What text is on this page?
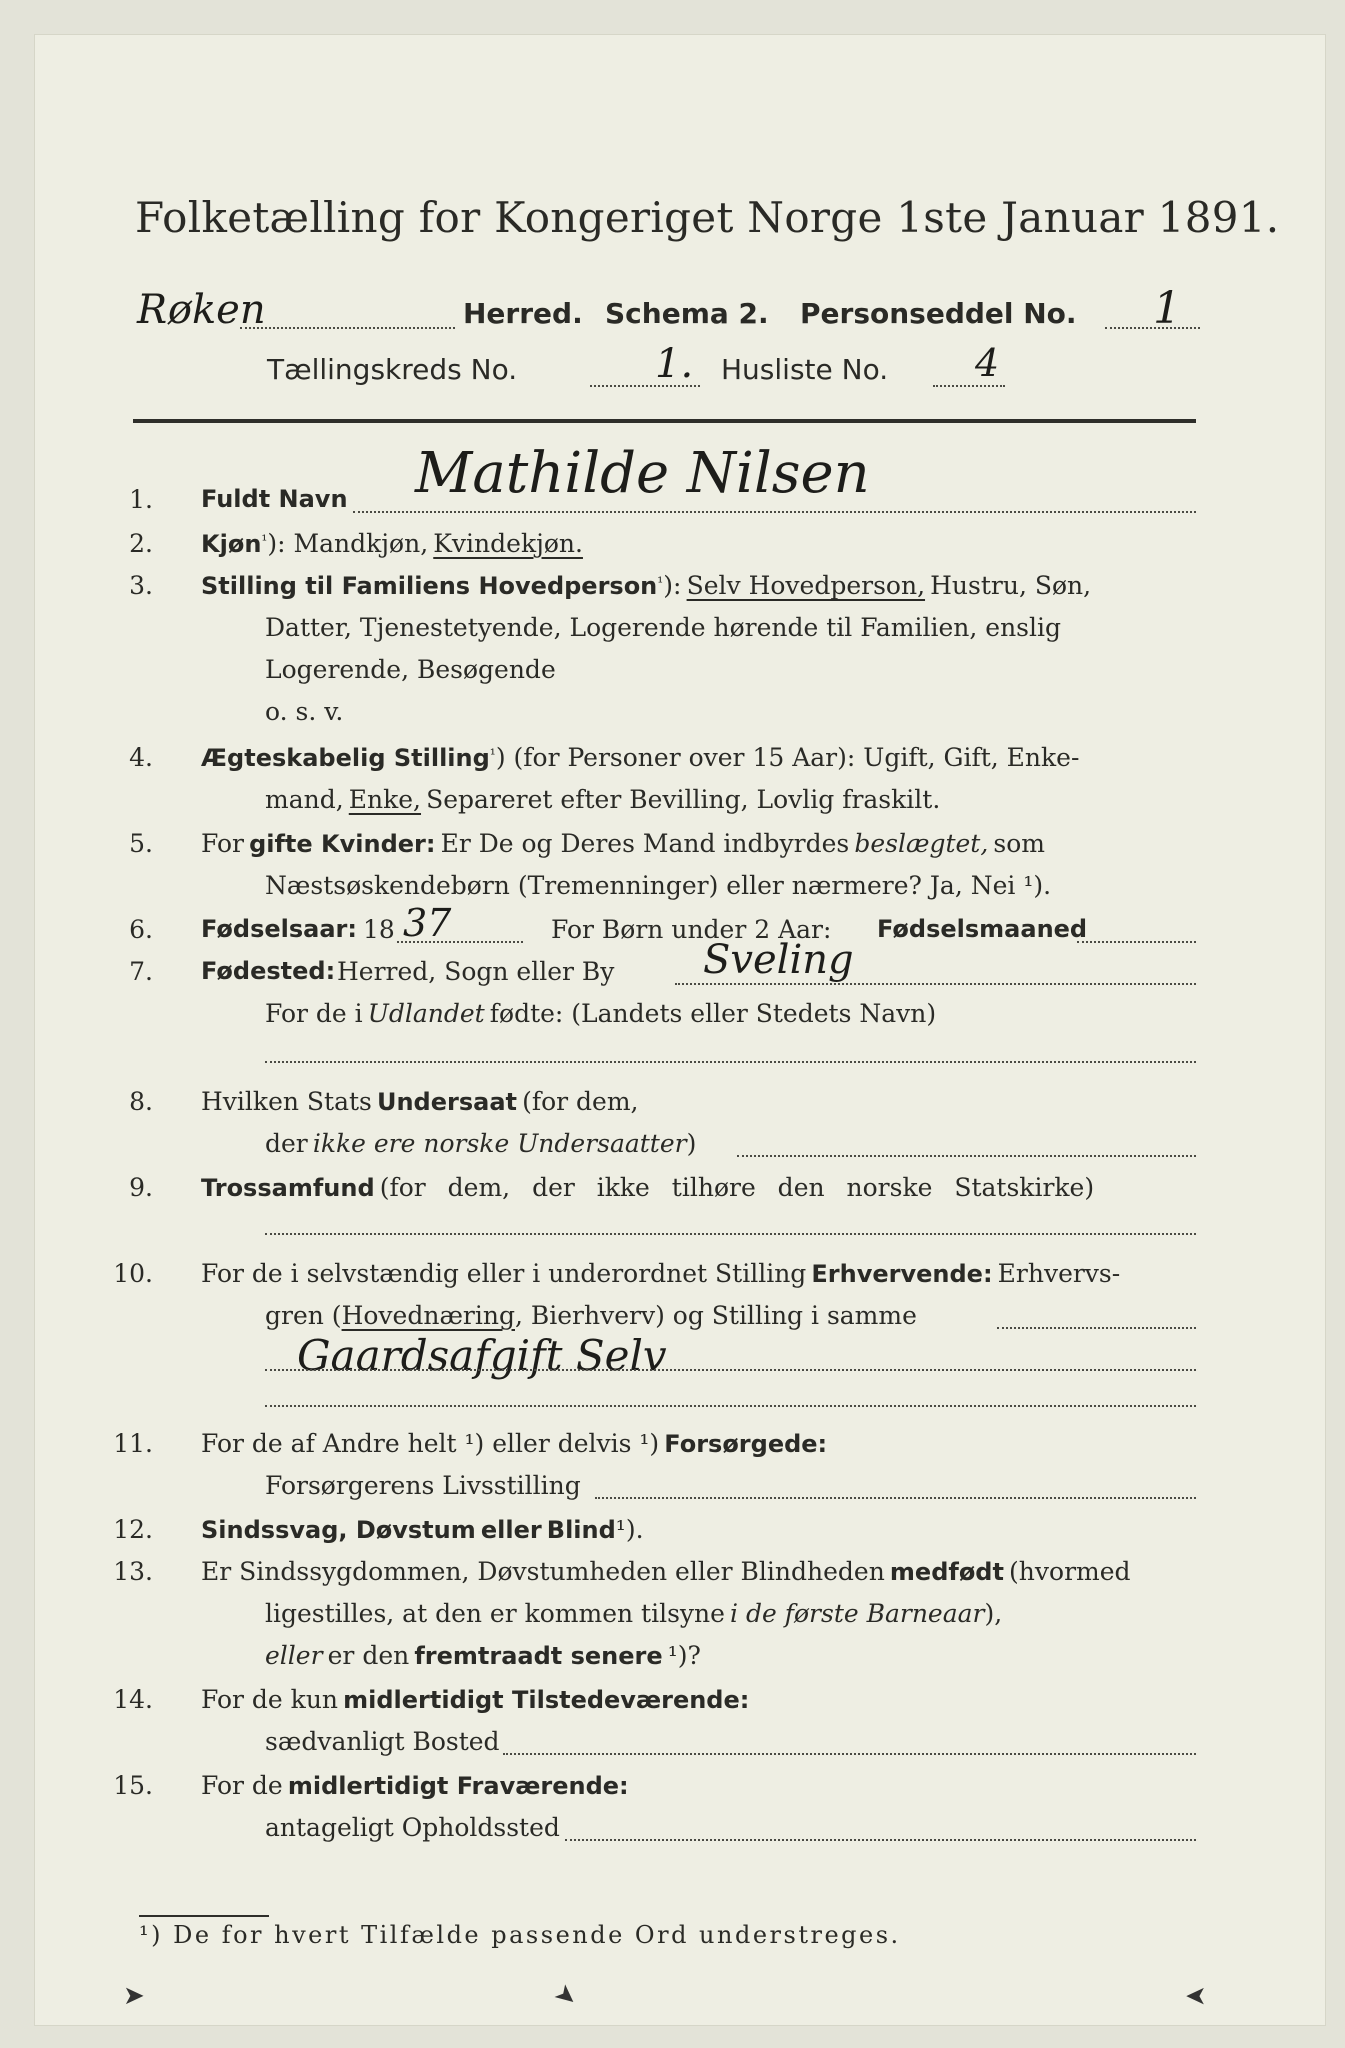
Folketælling for Kongeriget Norge 1ste Januar 1891.
Røken	Herred. Schema 2. Personseddel No. 1
Tællingskreds No.	1. Husliste No. 4
1. Fuldt Navn Mathilde Nilsen
2. Kjøn$^{^1}$): Mandkjøn, Kvindekjøn.
3. Stilling til Familiens Hovedperson$^{^1}$): Selv Hovedperson, Hustru, Søn,
Datter, Tjenestetyende, Logerende hørende til Familien, enslig
Logerende, Besøgende
o. s. v.
4. Ægteskabelig Stilling$^{^1}$) (for Personer over 15 Aar): Ugift, Gift, Enke-
mand, Enke, Separeret efter Bevilling, Lovlig fraskilt.
5. For gifte Kvinder: Er De og Deres Mand indbyrdes beslægtet, som
Næstsøskendebørn (Tremenninger) eller nærmere? Ja, Nei ¹).
6. Fødselsaar: 18 37	For Børn under 2 Aar: Fødselsmaaned
7. Fødested: Herred, Sogn eller By Sveling
For de i Udlandet fødte: (Landets eller Stedets Navn)
8. Hvilken Stats Undersaat (for dem,
der ikke ere norske Undersaatter)
9. Trossamfund (for dem, der ikke tilhøre den norske Statskirke)
10. For de i selvstændig eller i underordnet Stilling Erhvervende: Erhvervs-
gren (Hovednæring, Bierhverv) og Stilling i samme
Gaardsafgift Selv
11. For de af Andre helt ¹) eller delvis ¹) Forsørgede:
Forsørgerens Livsstilling
12. Sindssvag, Døvstum eller Blind¹).
13. Er Sindssygdommen, Døvstumheden eller Blindheden medfødt (hvormed
ligestilles, at den er kommen tilsyne i de første Barneaar),
eller er den fremtraadt senere ¹)?
14. For de kun midlertidigt Tilstedeværende:
sædvanligt Bosted
15. For de midlertidigt Fraværende:
antageligt Opholdssted
¹) De for hvert Tilfælde passende Ord understreges.
➤	➤	➤
